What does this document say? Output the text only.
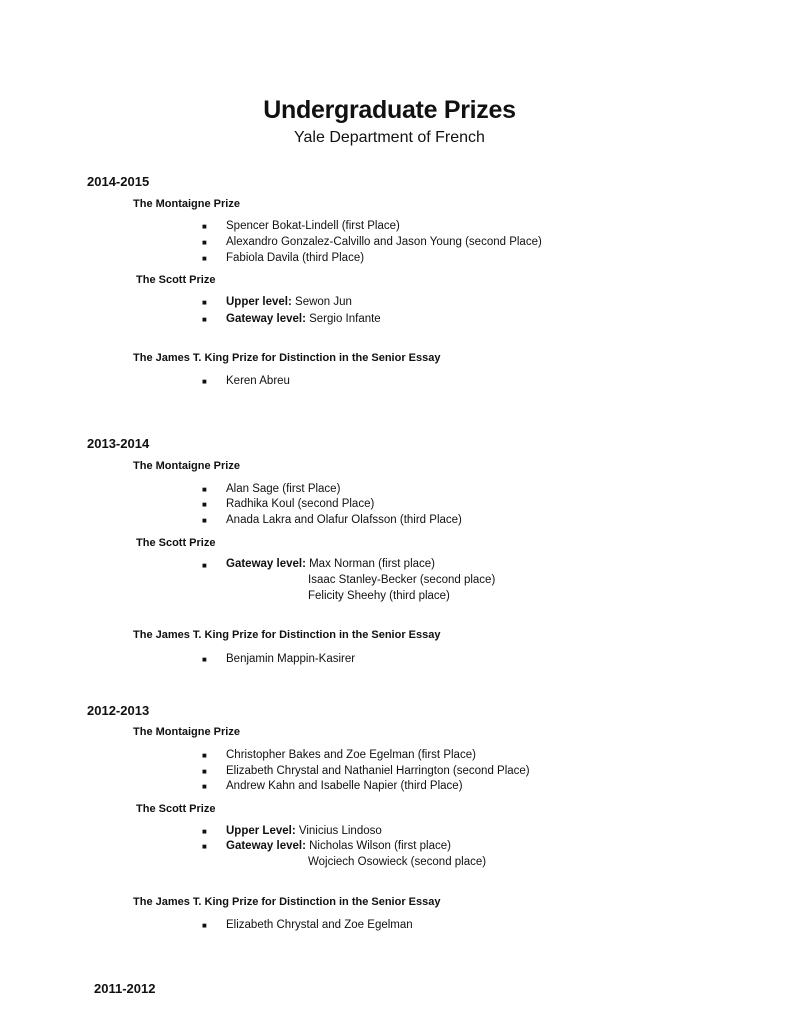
Undergraduate Prizes
Yale Department of French
2014-2015
The Montaigne Prize
■ Spencer Bokat-Lindell (first Place)
■ Alexandro Gonzalez-Calvillo and Jason Young (second Place)
■ Fabiola Davila (third Place)
The Scott Prize
■ Upper level: Sewon Jun
■ Gateway level: Sergio Infante
The James T. King Prize for Distinction in the Senior Essay
■ Keren Abreu
2013-2014
The Montaigne Prize
■ Alan Sage (first Place)
■ Radhika Koul (second Place)
■ Anada Lakra and Olafur Olafsson (third Place)
The Scott Prize
■ Gateway level: Max Norman (first place)
Isaac Stanley-Becker (second place)
Felicity Sheehy (third place)
The James T. King Prize for Distinction in the Senior Essay
■ Benjamin Mappin-Kasirer
2012-2013
The Montaigne Prize
■ Christopher Bakes and Zoe Egelman (first Place)
■ Elizabeth Chrystal and Nathaniel Harrington (second Place)
■ Andrew Kahn and Isabelle Napier (third Place)
The Scott Prize
■ Upper Level: Vinicius Lindoso
■ Gateway level: Nicholas Wilson (first place)
Wojciech Osowieck (second place)
The James T. King Prize for Distinction in the Senior Essay
■ Elizabeth Chrystal and Zoe Egelman
2011-2012
